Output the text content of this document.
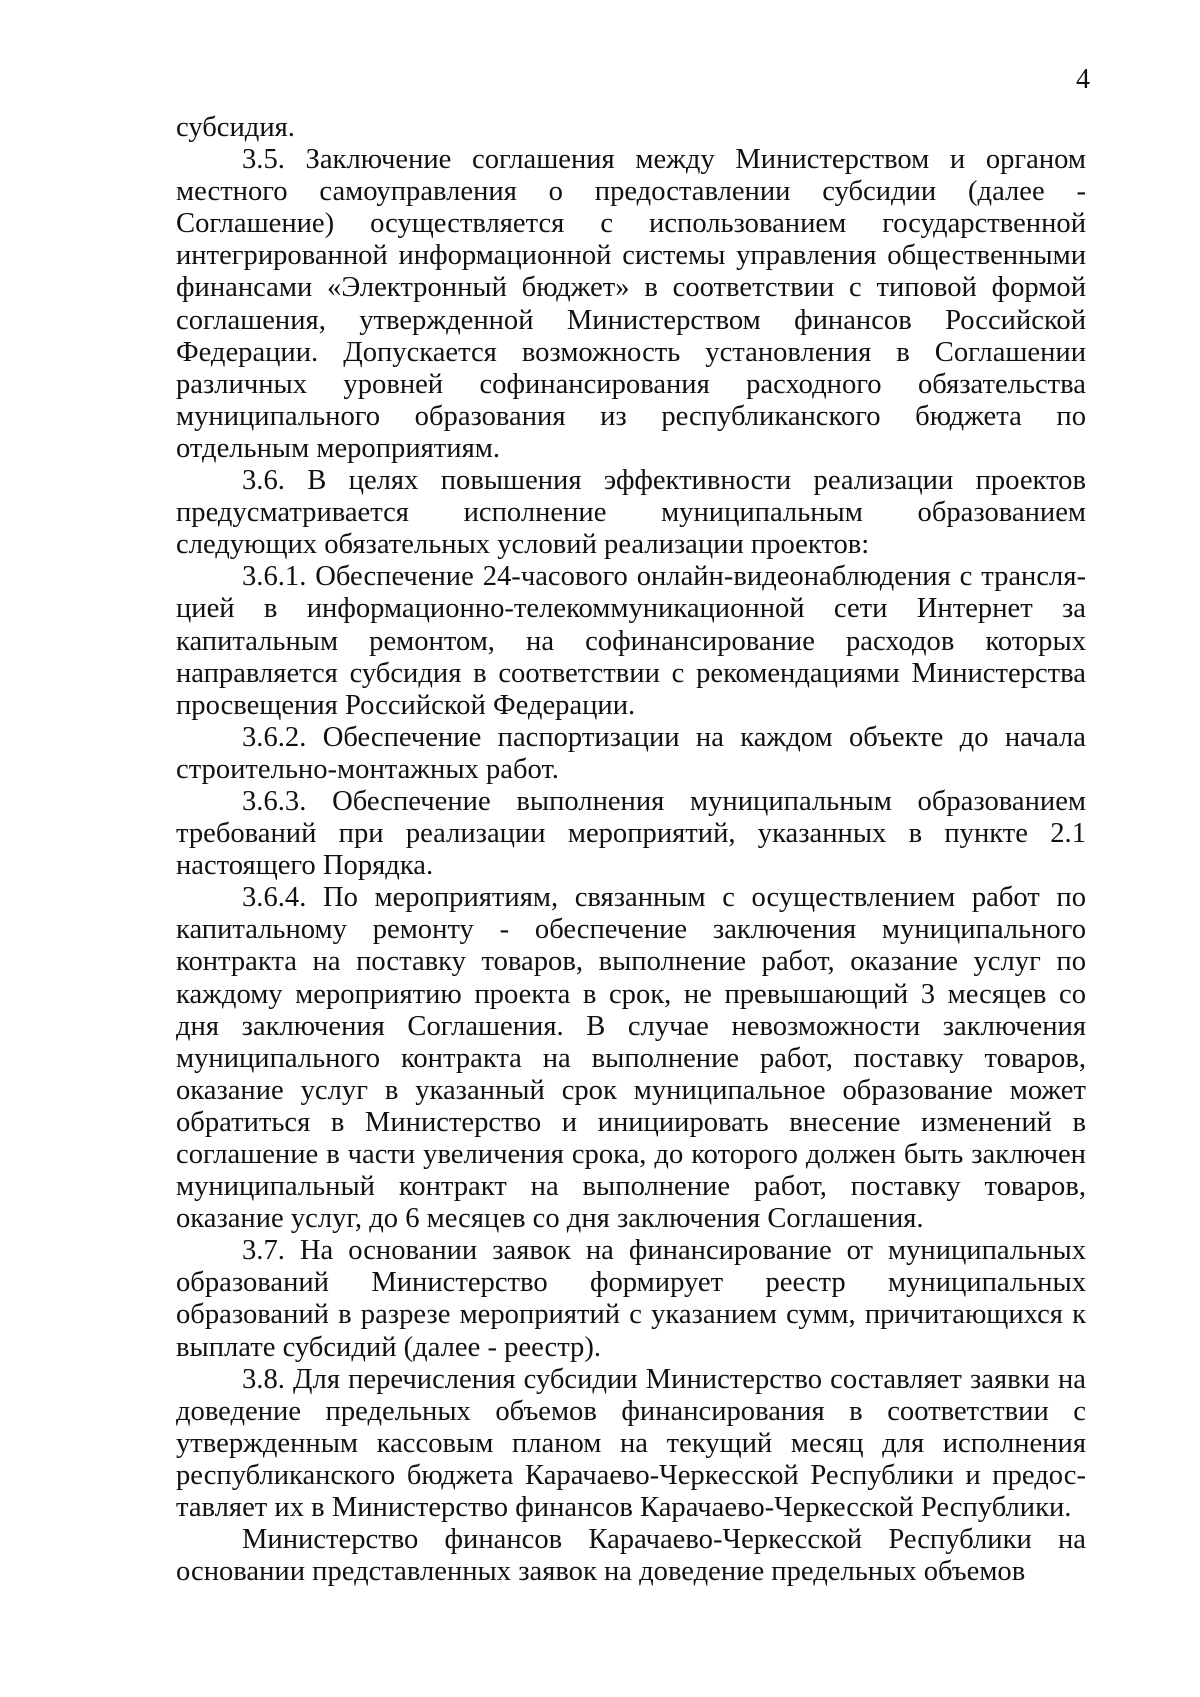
4

субсидия.

3.5. Заключение соглашения между Министерством и органом местного самоуправления о предоставлении субсидии (далее - Соглашение) осуществляется с использованием государственной интегрированной информационной системы управления общественными финансами «Электронный бюджет» в соответствии с типовой формой соглашения, утвержденной Министерством финансов Российской Федерации. Допускается возможность установления в Соглашении различных уровней софинансирования расходного обязательства муниципального образования из республиканского бюджета по отдельным мероприятиям.

3.6. В целях повышения эффективности реализации проектов предусматривается исполнение муниципальным образованием следующих обязательных условий реализации проектов:

3.6.1. Обеспечение 24-часового онлайн-видеонаблюдения с трансляцией в информационно-телекоммуникационной сети Интернет за капитальным ремонтом, на софинансирование расходов которых направляется субсидия в соответствии с рекомендациями Министерства просвещения Российской Федерации.

3.6.2. Обеспечение паспортизации на каждом объекте до начала строительно-монтажных работ.

3.6.3. Обеспечение выполнения муниципальным образованием требований при реализации мероприятий, указанных в пункте 2.1 настоящего Порядка.

3.6.4. По мероприятиям, связанным с осуществлением работ по капитальному ремонту - обеспечение заключения муниципального контракта на поставку товаров, выполнение работ, оказание услуг по каждому мероприятию проекта в срок, не превышающий 3 месяцев со дня заключения Соглашения. В случае невозможности заключения муниципального контракта на выполнение работ, поставку товаров, оказание услуг в указанный срок муниципальное образование может обратиться в Министерство и инициировать внесение изменений в соглашение в части увеличения срока, до которого должен быть заключен муниципальный контракт на выполнение работ, поставку товаров, оказание услуг, до 6 месяцев со дня заключения Соглашения.

3.7. На основании заявок на финансирование от муниципальных образований Министерство формирует реестр муниципальных образований в разрезе мероприятий с указанием сумм, причитающихся к выплате субсидий (далее - реестр).

3.8. Для перечисления субсидии Министерство составляет заявки на доведение предельных объемов финансирования в соответствии с утвержденным кассовым планом на текущий месяц для исполнения республиканского бюджета Карачаево-Черкесской Республики и предоставляет их в Министерство финансов Карачаево-Черкесской Республики.

Министерство финансов Карачаево-Черкесской Республики на основании представленных заявок на доведение предельных объемов
